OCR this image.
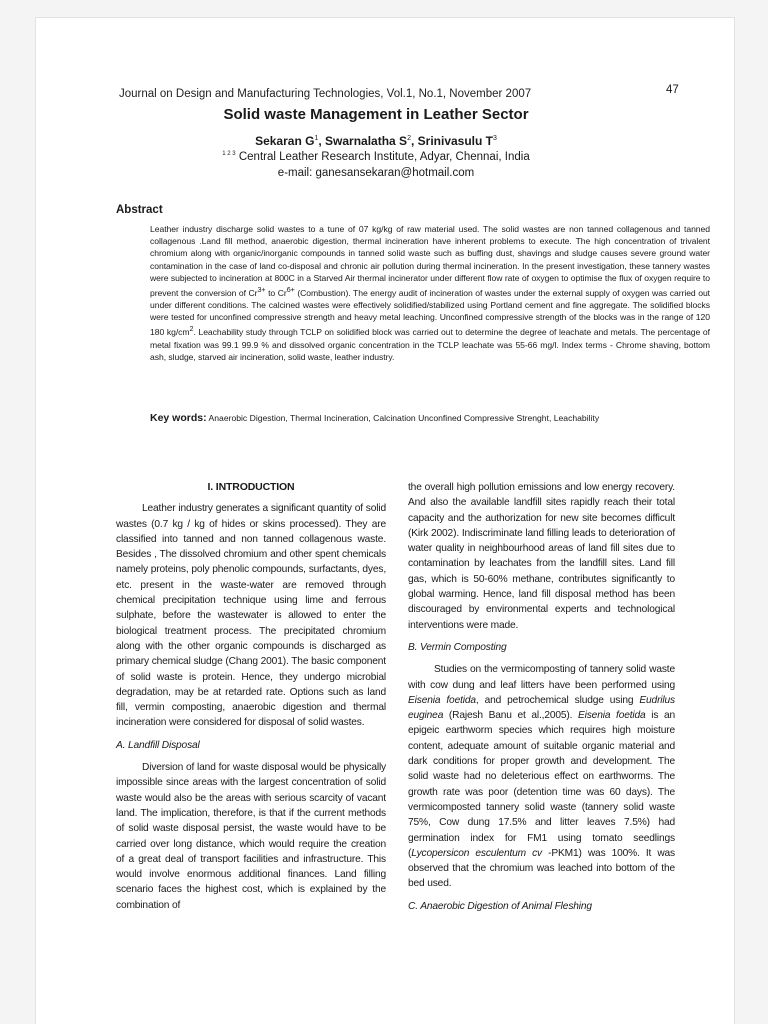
Journal on Design and Manufacturing Technologies, Vol.1, No.1, November 2007	47
Solid waste Management in Leather Sector
Sekaran $G^1$, Swarnalatha $S^2$, Srinivasulu $T^3$
$^{1 2 3}$ Central Leather Research Institute, Adyar, Chennai, India
e-mail: ganesansekaran@hotmail.com
Abstract
Leather industry discharge solid wastes to a tune of 07 kg/kg of raw material used. The solid wastes are non tanned collagenous and tanned collagenous .Land fill method, anaerobic digestion, thermal incineration have inherent problems to execute. The high concentration of trivalent chromium along with organic/inorganic compounds in tanned solid waste such as buffing dust, shavings and sludge causes severe ground water contamination in the case of land co-disposal and chronic air pollution during thermal incineration. In the present investigation, these tannery wastes were subjected to incineration at 800C in a Starved Air thermal incinerator under different flow rate of oxygen to optimise the flux of oxygen require to prevent the conversion of $Cr^{3+}$ to $Cr^{6+}$ (Combustion). The energy audit of incineration of wastes under the external supply of oxygen was carried out under different conditions. The calcined wastes were effectively solidified/stabilized using Portland cement and fine aggregate. The solidified blocks were tested for unconfined compressive strength and heavy metal leaching. Unconfined compressive strength of the blocks was in the range of 120 180 $kg/cm^2$. Leachability study through TCLP on solidified block was carried out to determine the degree of leachate and metals. The percentage of metal fixation was 99.1 99.9 % and dissolved organic concentration in the TCLP leachate was 55-66 mg/l. Index terms - Chrome shaving, bottom ash, sludge, starved air incineration, solid waste, leather industry.
Key words: Anaerobic Digestion, Thermal Incineration, Calcination Unconfined Compressive Strenght, Leachability
I. INTRODUCTION

Leather industry generates a significant quantity of solid wastes (0.7 kg / kg of hides or skins processed). They are classified into tanned and non tanned collagenous waste. Besides , The dissolved chromium and other spent chemicals namely proteins, poly phenolic compounds, surfactants, dyes, etc. present in the waste-water are removed through chemical precipitation technique using lime and ferrous sulphate, before the wastewater is allowed to enter the biological treatment process. The precipitated chromium along with the other organic compounds is discharged as primary chemical sludge (Chang 2001). The basic component of solid waste is protein. Hence, they undergo microbial degradation, may be at retarded rate. Options such as land fill, vermin composting, anaerobic digestion and thermal incineration were considered for disposal of solid wastes.

A. Landfill Disposal

Diversion of land for waste disposal would be physically impossible since areas with the largest concentration of solid waste would also be the areas with serious scarcity of vacant land. The implication, therefore, is that if the current methods of solid waste disposal persist, the waste would have to be carried over long distance, which would require the creation of a great deal of transport facilities and infrastructure. This would involve enormous additional finances. Land filling scenario faces the highest cost, which is explained by the combination of

the overall high pollution emissions and low energy recovery. And also the available landfill sites rapidly reach their total capacity and the authorization for new site becomes difficult (Kirk 2002). Indiscriminate land filling leads to deterioration of water quality in neighbourhood areas of land fill sites due to contamination by leachates from the landfill sites. Land fill gas, which is 50-60% methane, contributes significantly to global warming. Hence, land fill disposal method has been discouraged by environmental experts and technological interventions were made.

B. Vermin Composting

Studies on the vermicomposting of tannery solid waste with cow dung and leaf litters have been performed using Eisenia foetida, and petrochemical sludge using Eudrilus euginea (Rajesh Banu et al.,2005). Eisenia foetida is an epigeic earthworm species which requires high moisture content, adequate amount of suitable organic material and dark conditions for proper growth and development. The solid waste had no deleterious effect on earthworms. The growth rate was poor (detention time was 60 days). The vermicomposted tannery solid waste (tannery solid waste 75%, Cow dung 17.5% and litter leaves 7.5%) had germination index for FM1 using tomato seedlings (Lycopersicon esculentum cv -PKM1) was 100%. It was observed that the chromium was leached into bottom of the bed used.

C. Anaerobic Digestion of Animal Fleshing
